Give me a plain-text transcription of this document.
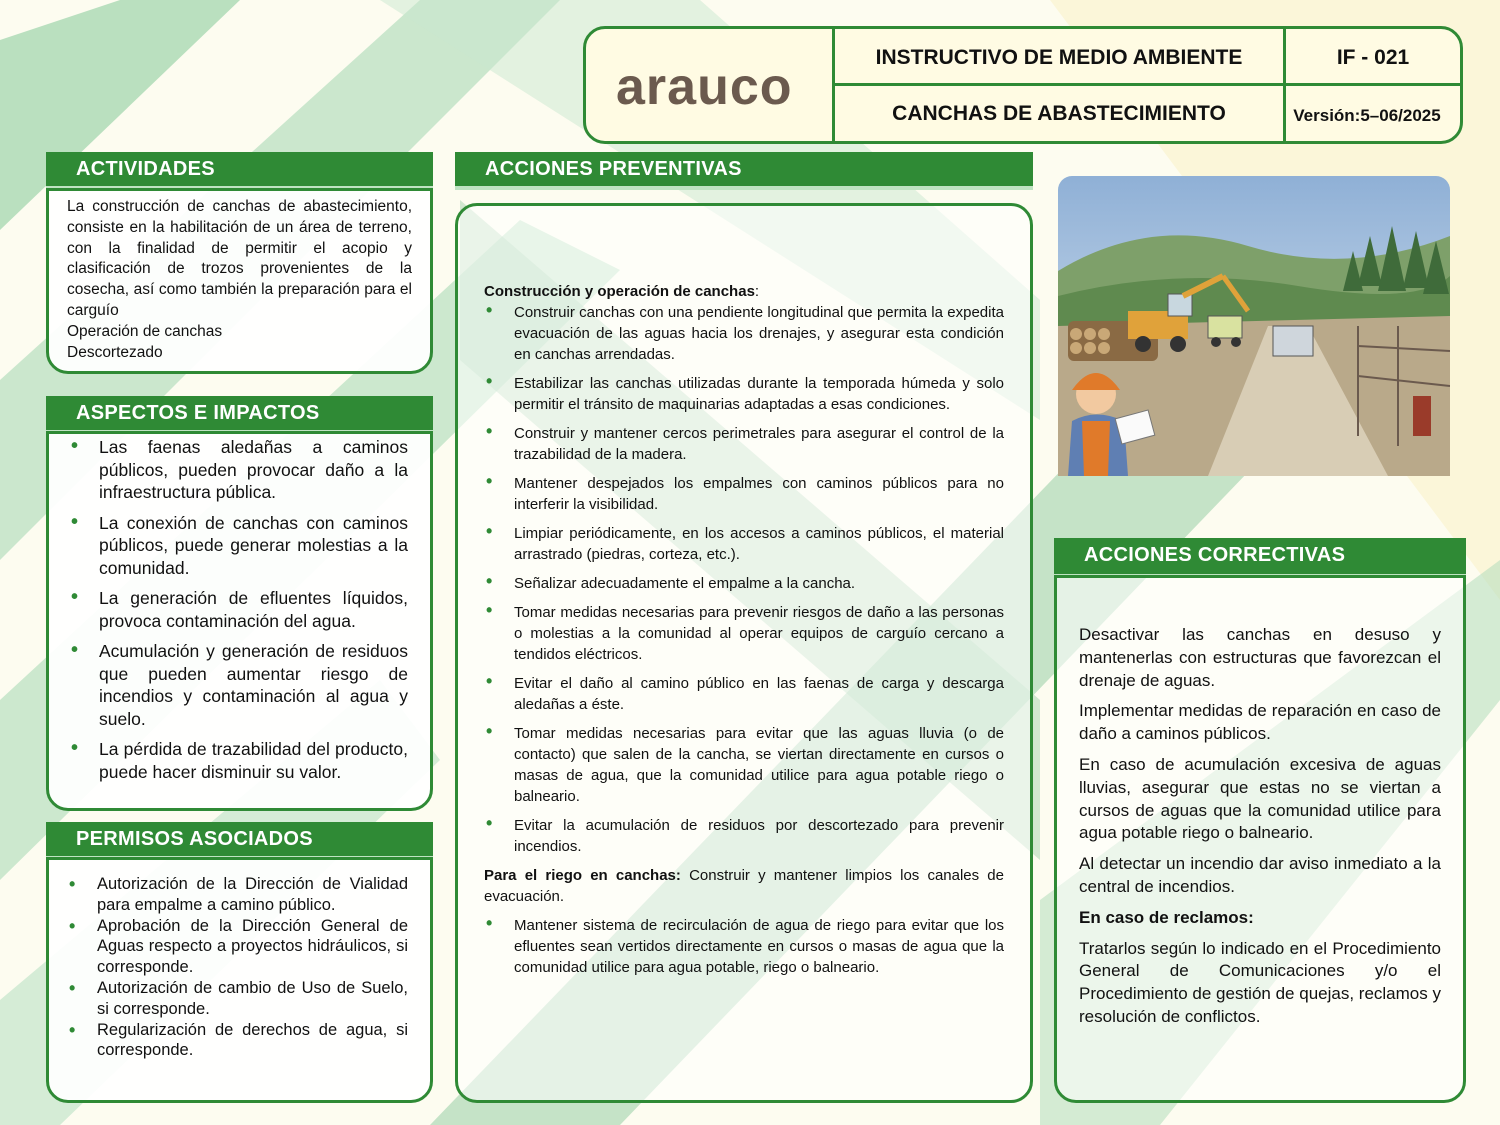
arauco
INSTRUCTIVO DE MEDIO AMBIENTE	IF - 021
CANCHAS DE ABASTECIMIENTO	Versión:5–06/2025
ACTIVIDADES

La construcción de canchas de abastecimiento, consiste en la habilitación de un área de terreno, con la finalidad de permitir el acopio y clasificación de trozos provenientes de la cosecha, así como también la preparación para el carguío

Operación de canchas

Descortezado

ASPECTOS E IMPACTOS
• Las faenas aledañas a caminos públicos, pueden provocar daño a la infraestructura pública.
• La conexión de canchas con caminos públicos, puede generar molestias a la comunidad.
• La generación de efluentes líquidos, provoca contaminación del agua.
• Acumulación y generación de residuos que pueden aumentar riesgo de incendios y contaminación al agua y suelo.
• La pérdida de trazabilidad del producto, puede hacer disminuir su valor.
PERMISOS ASOCIADOS
• Autorización de la Dirección de Vialidad para empalme a camino público.
• Aprobación de la Dirección General de Aguas respecto a proyectos hidráulicos, si corresponde.
• Autorización de cambio de Uso de Suelo, si corresponde.
• Regularización de derechos de agua, si corresponde.
ACCIONES PREVENTIVAS

Construcción y operación de canchas:

• Construir canchas con una pendiente longitudinal que permita la expedita evacuación de las aguas hacia los drenajes, y asegurar esta condición en canchas arrendadas.
• Estabilizar las canchas utilizadas durante la temporada húmeda y solo permitir el tránsito de maquinarias adaptadas a esas condiciones.
• Construir y mantener cercos perimetrales para asegurar el control de la trazabilidad de la madera.
• Mantener despejados los empalmes con caminos públicos para no interferir la visibilidad.
• Limpiar periódicamente, en los accesos a caminos públicos, el material arrastrado (piedras, corteza, etc.).
• Señalizar adecuadamente el empalme a la cancha.
• Tomar medidas necesarias para prevenir riesgos de daño a las personas o molestias a la comunidad al operar equipos de carguío cercano a tendidos eléctricos.
• Evitar el daño al camino público en las faenas de carga y descarga aledañas a éste.
• Tomar medidas necesarias para evitar que las aguas lluvia (o de contacto) que salen de la cancha, se viertan directamente en cursos o masas de agua, que la comunidad utilice para agua potable riego o balneario.
• Evitar la acumulación de residuos por descortezado para prevenir incendios.

Para el riego en canchas: Construir y mantener limpios los canales de evacuación.

• Mantener sistema de recirculación de agua de riego para evitar que los efluentes sean vertidos directamente en cursos o masas de agua que la comunidad utilice para agua potable, riego o balneario.
ACCIONES CORRECTIVAS

Desactivar las canchas en desuso y mantenerlas con estructuras que favorezcan el drenaje de aguas.

Implementar medidas de reparación en caso de daño a caminos públicos.

En caso de acumulación excesiva de aguas lluvias, asegurar que estas no se viertan a cursos de aguas que la comunidad utilice para agua potable riego o balneario.

Al detectar un incendio dar aviso inmediato a la central de incendios.

En caso de reclamos:

Tratarlos según lo indicado en el Procedimiento General de Comunicaciones y/o el Procedimiento de gestión de quejas, reclamos y resolución de conflictos.
